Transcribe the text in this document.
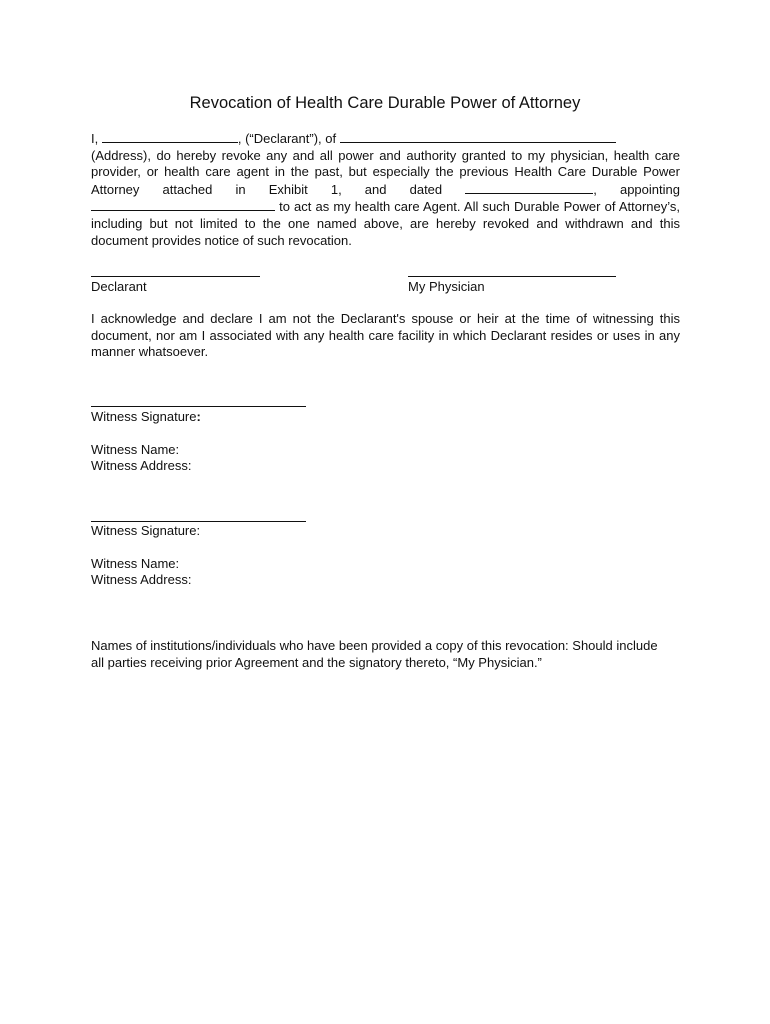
Revocation of Health Care Durable Power of Attorney
I,	, (“Declarant”), of
(Address), do hereby revoke any and all power and authority granted to my physician, health care provider, or health care agent in the past, but especially the previous Health Care Durable Power Attorney attached in Exhibit 1, and dated	, appointing  to act as my health care Agent. All such Durable Power of Attorney’s, including but not limited to the one named above, are hereby revoked and withdrawn and this document provides notice of such revocation.
Declarant	My Physician
I acknowledge and declare I am not the Declarant's spouse or heir at the time of witnessing this document, nor am I associated with any health care facility in which Declarant resides or uses in any manner whatsoever.
Witness Signature:
Witness Name:
Witness Address:
Witness Signature:
Witness Name:
Witness Address:
Names of institutions/individuals who have been provided a copy of this revocation: Should include all parties receiving prior Agreement and the signatory thereto, “My Physician.”
